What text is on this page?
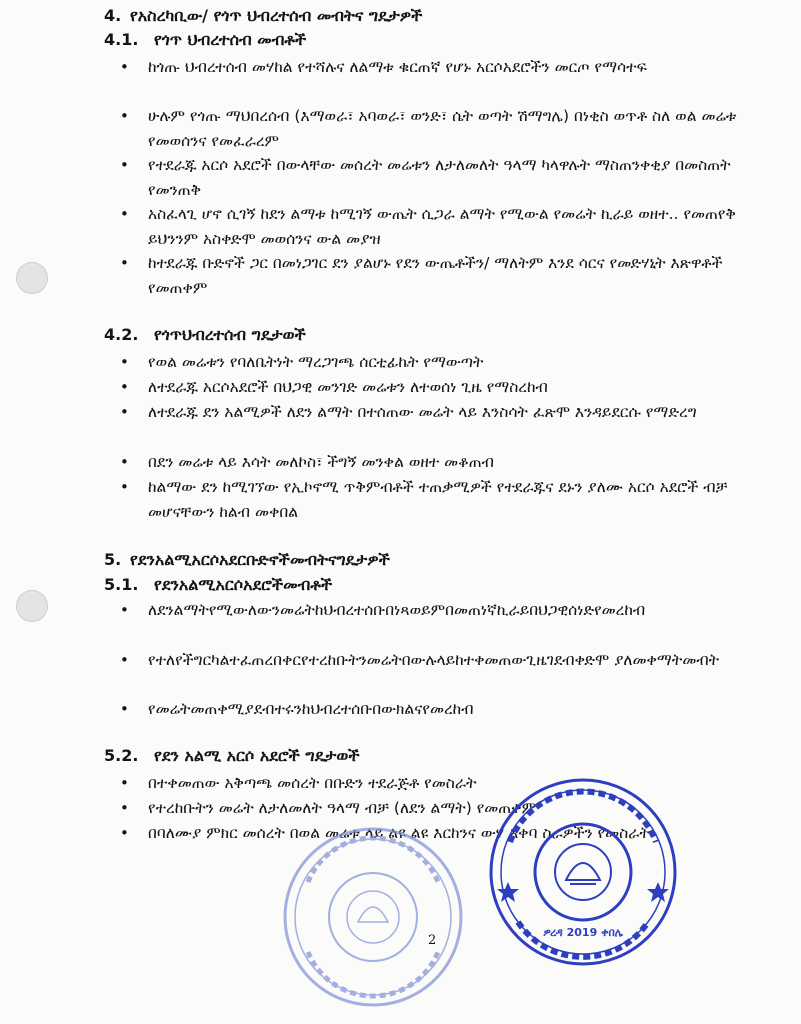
4. የአስረካቢው/ የጎጥ ህብረተሰብ መብትና ግዴታዎች
4.1. የጎጥ ህብረተሰብ መብቶች
• ከጎጡ ህብረተሰብ መሃከል የተሻሉና ለልማቱ ቁርጠኛ የሆኑ አርሶአደሮችን መርጦ የማሳተፍ
• ሁሉም የጎጡ ማህበረሰብ (እማወራ፣ አባወራ፣ ወንድ፣ ሴት ወጣት ሽማግሌ) በነቂስ ወጥቶ ስለ ወል መሬቱ የመወሰንና የመፈራረም
• የተደራጁ አርሶ አደሮች በውላቸው መሰረት መሬቱን ለታለመለት ዓላማ ካላዋሉት ማስጠንቀቂያ በመስጠት የመንጠቅ
• አስፈላጊ ሆኖ ሲገኝ ከደን ልማቱ ከሚገኝ ውጤት ሲጋራ ልማት የሚውል የመሬት ኪራይ ወዘተ.. የመጠየቅ ይህንንም አስቀድሞ መወሰንና ውል መያዝ
• ከተደራጁ ቡድኖች ጋር በመነጋገር ደን ያልሆኑ የደን ውጤቶችን/ ማለትም እንደ ሳርና የመድሃኒት እጽዋቶች የመጠቀም
4.2. የጎጥህብረተሰብ ግዴታወች
• የወል መሬቱን የባለቤትነት ማረጋገጫ ሰርቲፊኬት የማውጣት
• ለተደራጁ አርሶአደሮች በህጋዊ መንገድ መሬቱን ለተወሰነ ጊዜ የማስረከብ
• ለተደራጁ ደን አልሚዎች ለደን ልማት በተሰጠው መሬት ላይ እንስሳት ፈጽሞ እንዳይደርሱ የማድረግ
• በደን መሬቱ ላይ እሳት መለኮስ፣ ችግኝ መንቀል ወዘተ መቆጠብ
• ከልማው ደን ከሚገኘው የኢኮኖሚ ጥቅምብቶች ተጠቃሚዎች የተደራጁና ደኑን ያለሙ አርሶ አደሮች ብቻ መሆናቸውን ከልብ መቀበል
5. የደንአልሚአርሶአደርቡድኖችመብትናግዴታዎች
5.1. የደንአልሚአርሶአደሮችመብቶች
• ለደንልማትየሚውለውንመሬትከህብረተሰቡበነጻወይምበመጠነኛኪራይበህጋዊሰነድየመረከብ
• የተለየችግርካልተፈጠረበቀርየተረከቡትንመሬትበውሉላይከተቀመጠውጊዜገደብቀድሞ ያለመቀማትመብት
• የመሬትመጠቀሚያደብተሩንከህብረተሰቡበውክልናየመረከብ
5.2. የደን አልሚ አርሶ አደሮች ግዴታወች
• በተቀመጠው አቅጣጫ መሰረት በቡድን ተደራጅቶ የመስራት
• የተረከቡትን መሬት ለታለመለት ዓላማ ብቻ (ለደን ልማት) የመጠቀም
• በባለሙያ ምክር መሰረት በወል መሬቱ ላይ ልዩ ልዩ እርከንና ውሃ እቀባ ስራዎችን የመስራት
ዎረዳ 2019 ቀበሌ
2
